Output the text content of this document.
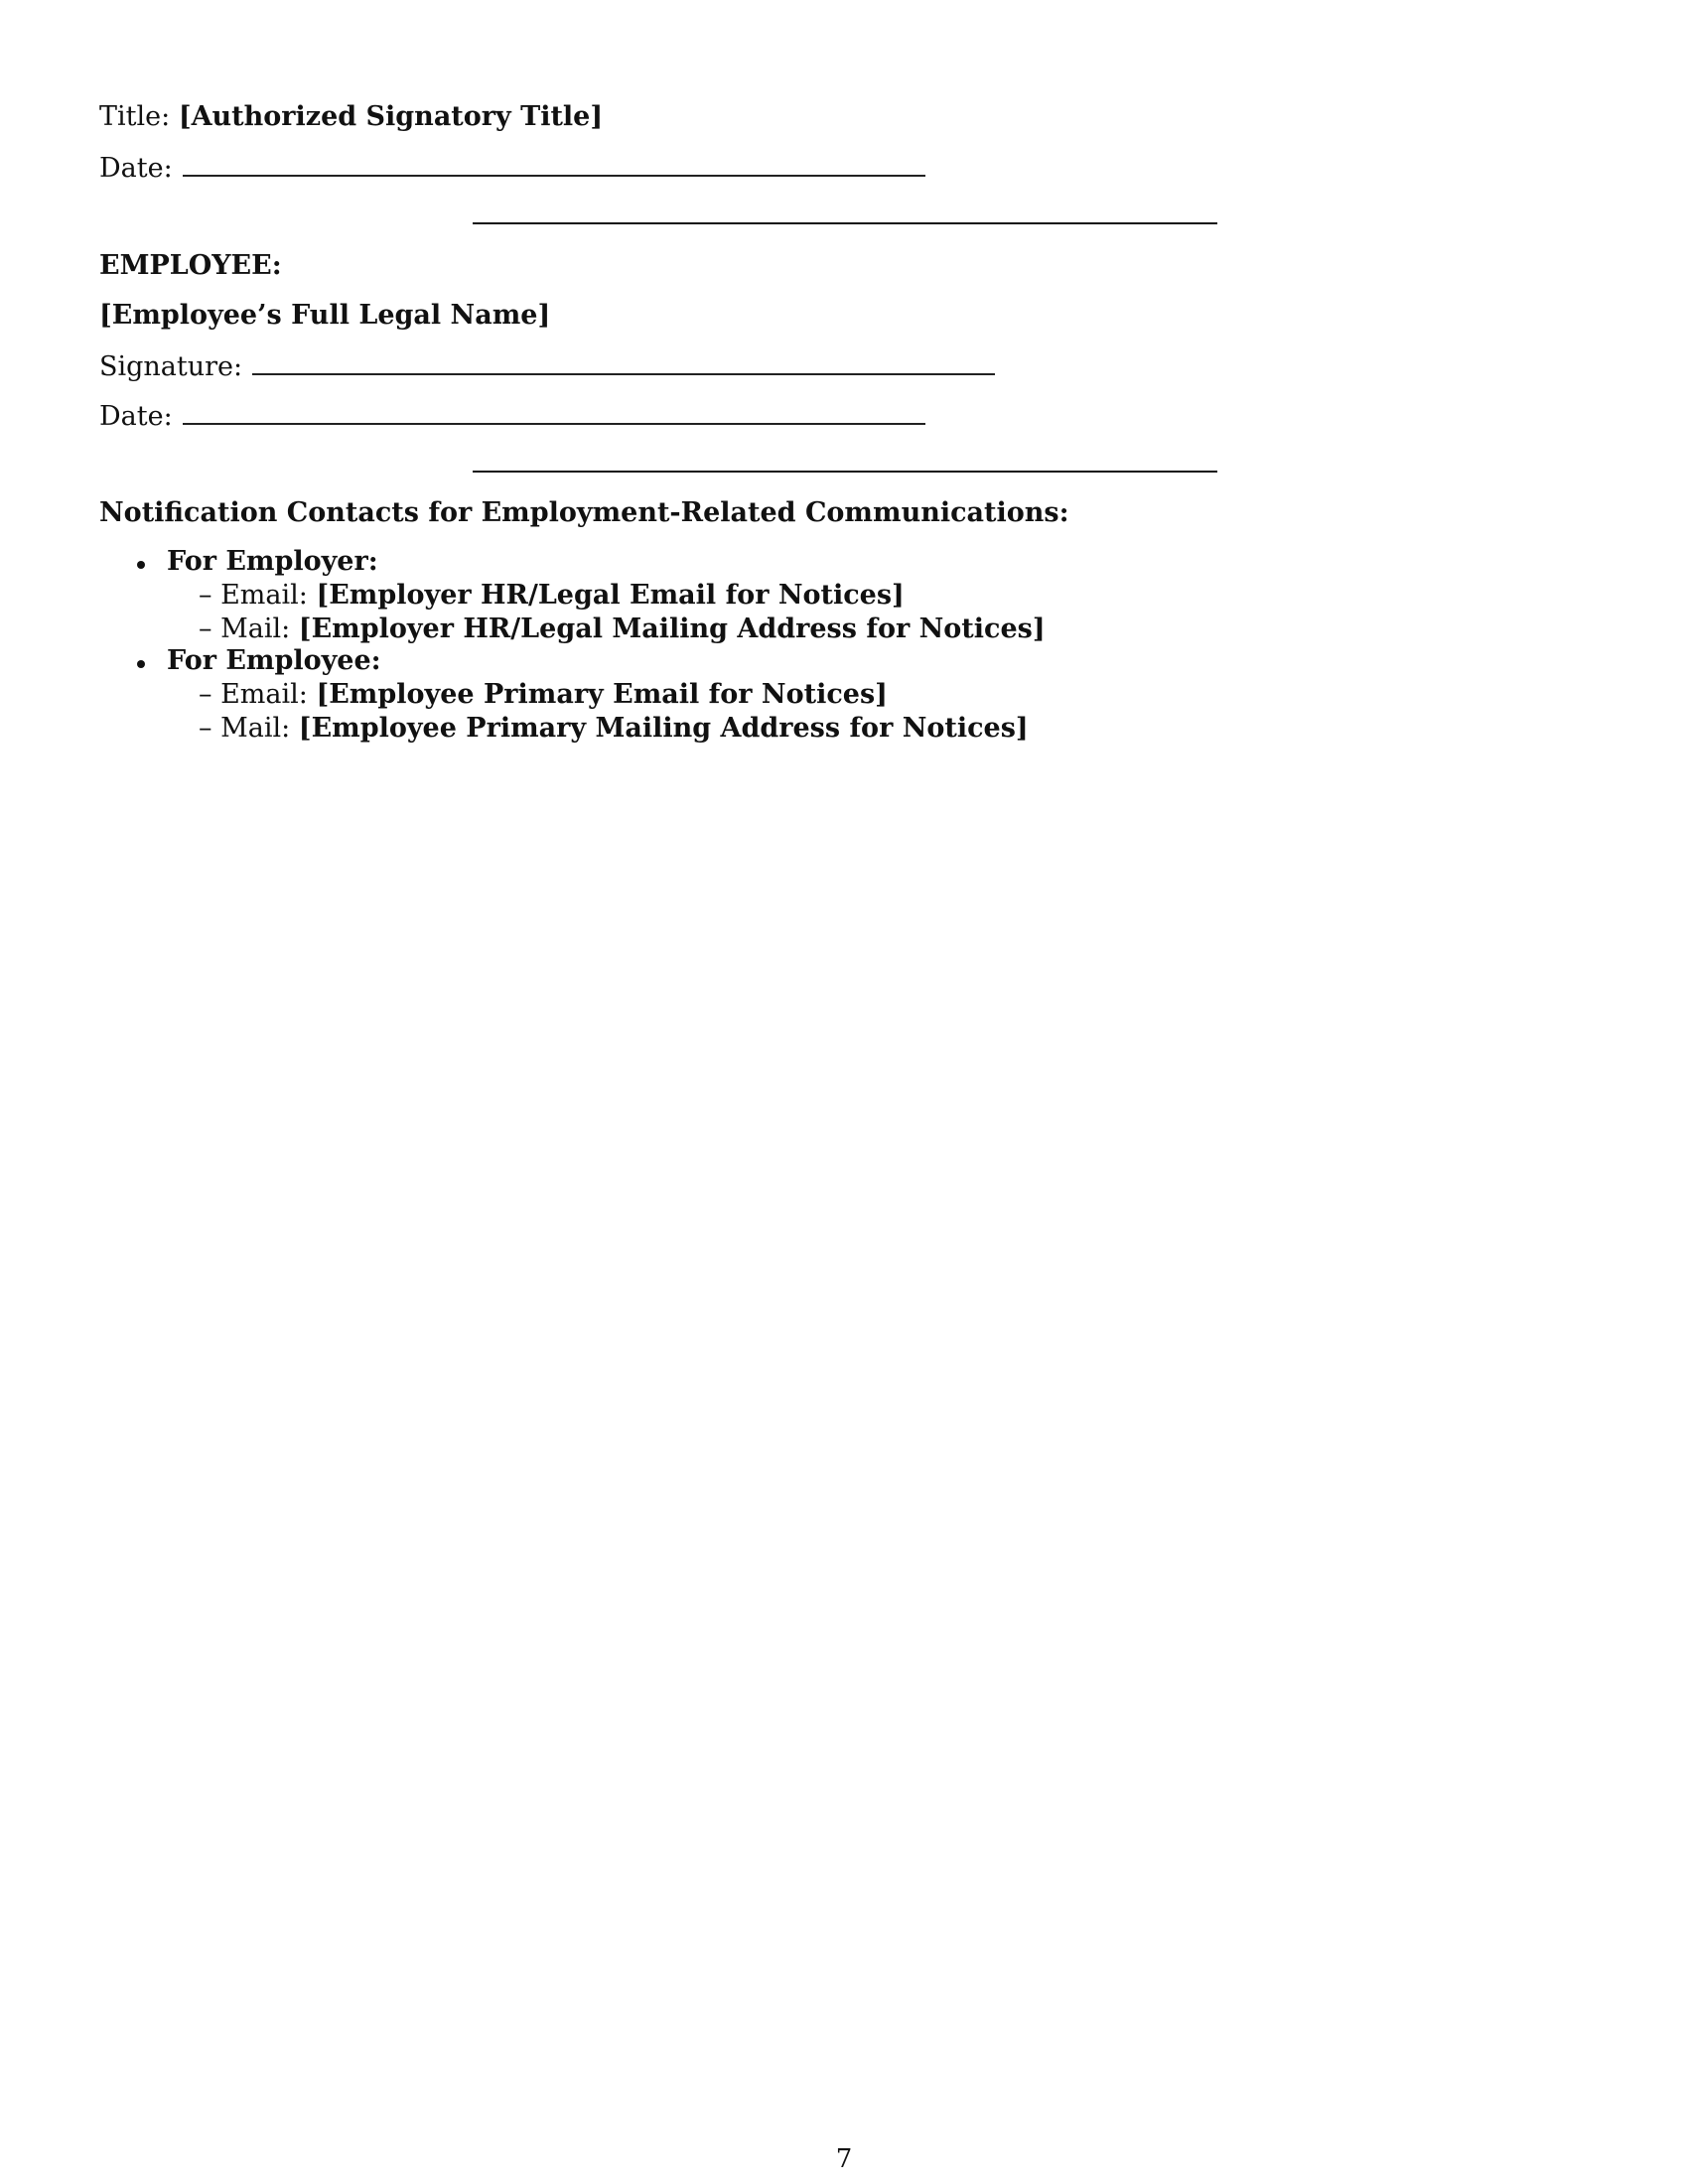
Title: [Authorized Signatory Title]
Date:
EMPLOYEE:
[Employee’s Full Legal Name]
Signature:
Date:
Notification Contacts for Employment-Related Communications:
For Employer:
– Email: [Employer HR/Legal Email for Notices]
– Mail: [Employer HR/Legal Mailing Address for Notices]
For Employee:
– Email: [Employee Primary Email for Notices]
– Mail: [Employee Primary Mailing Address for Notices]
7
